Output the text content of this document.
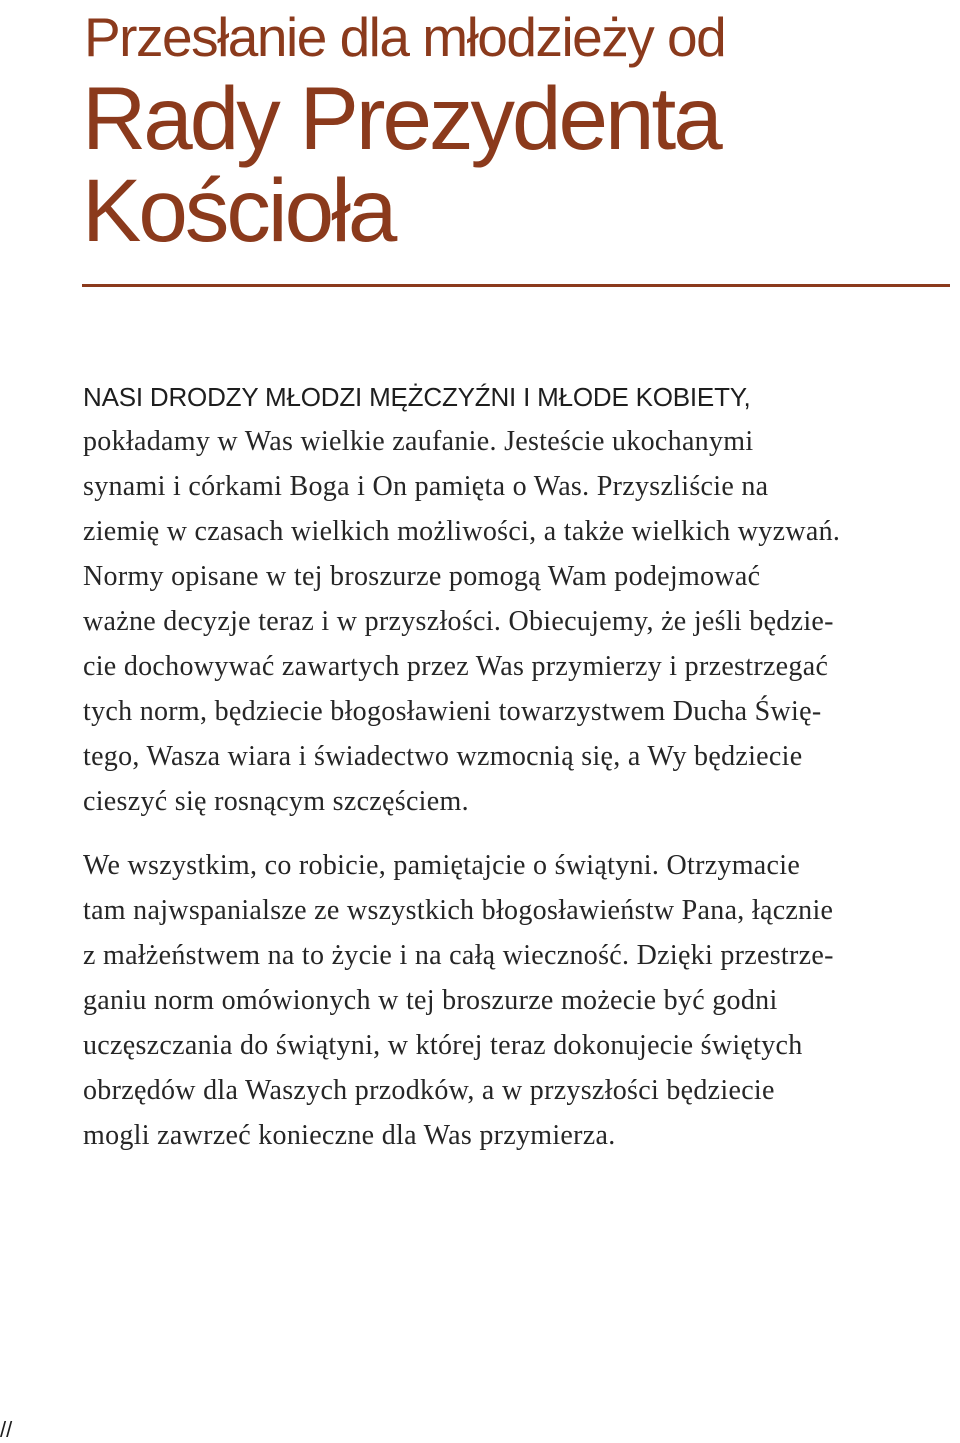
Przesłanie dla młodzieży od
Rady Prezydenta
Kościoła

NASI DRODZY MŁODZI MĘŻCZYŹNI I MŁODE KOBIETY,

pokładamy w Was wielkie zaufanie. Jesteście ukochanymi
synami i córkami Boga i On pamięta o Was. Przyszliście na
ziemię w czasach wielkich możliwości, a także wielkich wyzwań.
Normy opisane w tej broszurze pomogą Wam podejmować
ważne decyzje teraz i w przyszłości. Obiecujemy, że jeśli będzie-
cie dochowywać zawartych przez Was przymierzy i przestrzegać
tych norm, będziecie błogosławieni towarzystwem Ducha Świę-
tego, Wasza wiara i świadectwo wzmocnią się, a Wy będziecie
cieszyć się rosnącym szczęściem.

We wszystkim, co robicie, pamiętajcie o świątyni. Otrzymacie
tam najwspanialsze ze wszystkich błogosławieństw Pana, łącznie
z małżeństwem na to życie i na całą wieczność. Dzięki przestrze-
ganiu norm omówionych w tej broszurze możecie być godni
uczęszczania do świątyni, w której teraz dokonujecie świętych
obrzędów dla Waszych przodków, a w przyszłości będziecie
mogli zawrzeć konieczne dla Was przymierza.

//
